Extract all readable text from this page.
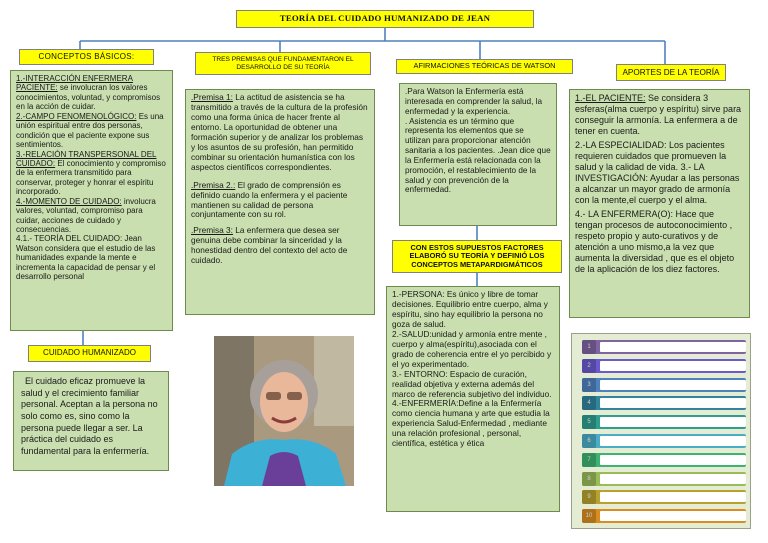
TEORÍA DEL CUIDADO HUMANIZADO DE JEAN
CONCEPTOS BÁSICOS:

1.-INTERACCIÓN ENFERMERA PACIENTE: se involucran los valores conocimientos, voluntad, y compromisos en la acción de cuidar.

2.-CAMPO FENOMENOLÓGICO: Es una unión espiritual entre dos personas, condición que el paciente expone sus sentimientos.

3.-RELACIÓN TRANSPERSONAL DEL CUIDADO: El conocimiento y compromiso de la enfermera transmitido para conservar, proteger y honrar el espíritu incorporado.

4.-MOMENTO DE CUIDADO: involucra valores, voluntad, compromiso para cuidar, acciones de cuidado y consecuencias.

4.1.- TEORÍA DEL CUIDADO: Jean Watson considera que el estudio de las humanidades expande la mente e incrementa la capacidad de pensar y el desarrollo personal

TRES PREMISAS QUE FUNDAMENTARON EL DESARROLLO DE SU TEORÍA

.Premisa 1: La actitud de asistencia se ha transmitido a través de la cultura de la profesión como una forma única de hacer frente al entorno. La oportunidad de obtener una formación superior y de analizar los problemas y los asuntos de su profesión, han permitido combinar su orientación humanística con los aspectos científicos correspondientes.

.Premisa 2.: El grado de comprensión es definido cuando la enfermera y el paciente mantienen su calidad de persona conjuntamente con su rol.

.Premisa 3: La enfermera que desea ser genuina debe combinar la sinceridad y la honestidad dentro del contexto del acto de cuidado.

AFIRMACIONES TEÓRICAS DE WATSON

.Para Watson la Enfermería está interesada en comprender la salud, la enfermedad y la experiencia.

. Asistencia es un término que representa los elementos que se utilizan para proporcionar atención sanitaria a los pacientes. .Jean dice que la Enfermería está relacionada con la promoción, el restablecimiento de la salud y con prevención de la enfermedad.

CON ESTOS SUPUESTOS FACTORES ELABORÓ SU TEORÍA Y DEFINIÓ LOS CONCEPTOS METAPARDIGMÁTICOS

1.-PERSONA: Es único y libre de tomar decisiones. Equilibrio entre cuerpo, alma y espíritu, sino hay equilibrio la persona no goza de salud.

2.-SALUD:unidad y armonía entre mente , cuerpo y alma(espíritu),asociada con el grado de coherencia entre el yo percibido y el yo experimentado.

3.- ENTORNO: Espacio de curación, realidad objetiva y externa además del marco de referencia subjetivo del individuo.

4.-ENFERMERÍA:Define a la Enfermería como ciencia humana y arte que estudia la experiencia Salud-Enfermedad , mediante una relación profesional , personal, científica, estética y ética

APORTES DE LA TEORÍA

1.-EL PACIENTE: Se considera 3 esferas(alma cuerpo y espíritu) sirve para conseguir la armonía. La enfermera a de tener en cuenta.

2.-LA ESPECIALIDAD: Los pacientes requieren cuidados que promueven la salud y la calidad de vida. 3.- LA INVESTIGACIÓN: Ayudar a las personas a alcanzar un mayor grado de armonía con la mente,el cuerpo y el alma.

4.- LA ENFERMERA(O): Hace que tengan procesos de autoconocimiento , respeto propio y auto-curativos y de atención a uno mismo,a la vez que aumenta la diversidad , que es el objeto de la aplicación de los diez factores.

CUIDADO HUMANIZADO

El cuidado eficaz promueve la salud y el crecimiento familiar personal. Aceptan a la persona no solo como es, sino como la persona puede llegar a ser. La práctica del cuidado es fundamental para la enfermería.

1
2
3
4
5
6
7
8
9
10
